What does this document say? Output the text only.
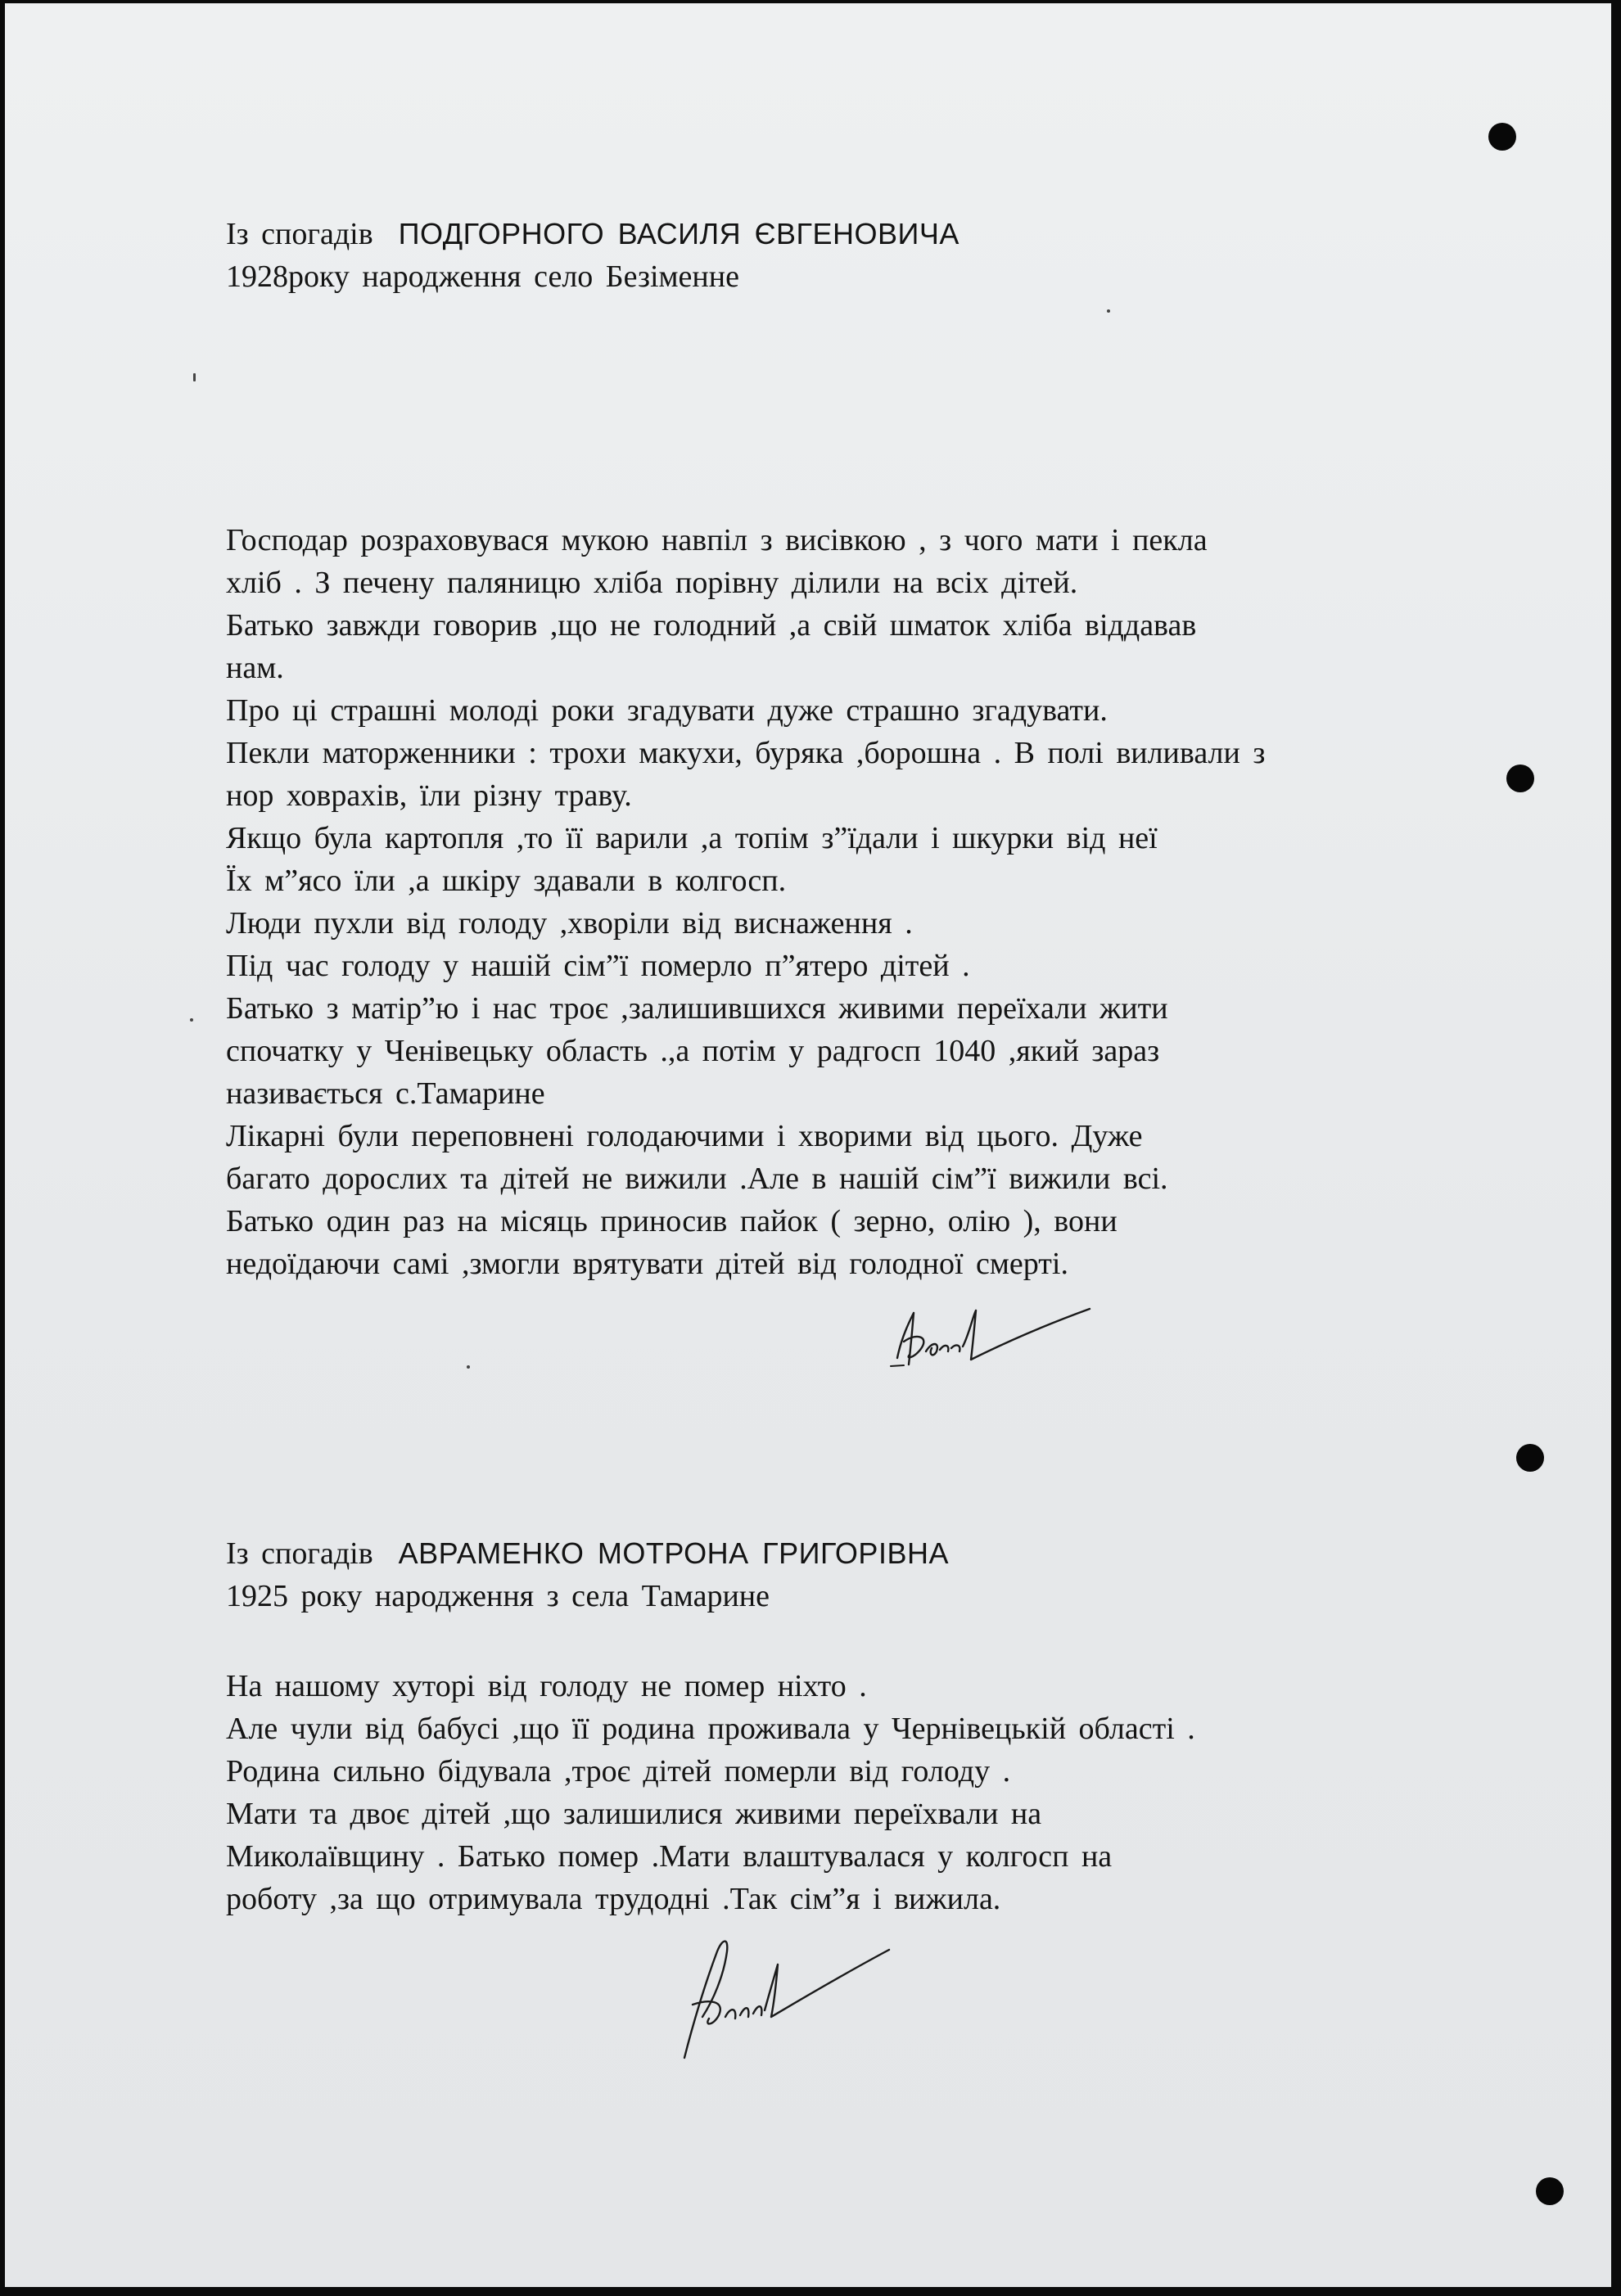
Із спогадів ПОДГОРНОГО ВАСИЛЯ ЄВГЕНОВИЧА
1928року народження село Безіменне
Господар розраховувася мукою навпіл з висівкою , з чого мати і пекла
хліб . З печену паляницю хліба порівну ділили на всіх дітей.
Батько завжди говорив ,що не голодний ,а свій шматок хліба віддавав
нам.
Про ці страшні молоді роки згадувати дуже страшно згадувати.
Пекли маторженники : трохи макухи, буряка ,борошна . В полі виливали з
нор ховрахів, їли різну траву.
Якщо була картопля ,то її варили ,а топім з”їдали і шкурки від неї
Їх м”ясо їли ,а шкіру здавали в колгосп.
Люди пухли від голоду ,хворіли від виснаження .
Під час голоду у нашій сім”ї померло п”ятеро дітей .
Батько з матір”ю і нас троє ,залишившихся живими переїхали жити
спочатку у Ченівецьку область .,а потім у радгосп 1040 ,який зараз
називається с.Тамарине
Лікарні були переповнені голодаючими і хворими від цього. Дуже
багато дорослих та дітей не вижили .Але в нашій сім”ї вижили всі.
Батько один раз на місяць приносив пайок ( зерно, олію ), вони
недоїдаючи самі ,змогли врятувати дітей від голодної смерті.
Із спогадів АВРАМЕНКО МОТРОНА ГРИГОРІВНА
1925 року народження з села Тамарине
На нашому хуторі від голоду не помер ніхто .
Але чули від бабусі ,що її родина проживала у Чернівецькій області .
Родина сильно бідувала ,троє дітей померли від голоду .
Мати та двоє дітей ,що залишилися живими переїхвали на
Миколаївщину . Батько помер .Мати влаштувалася у колгосп на
роботу ,за що отримувала трудодні .Так сім”я і вижила.
